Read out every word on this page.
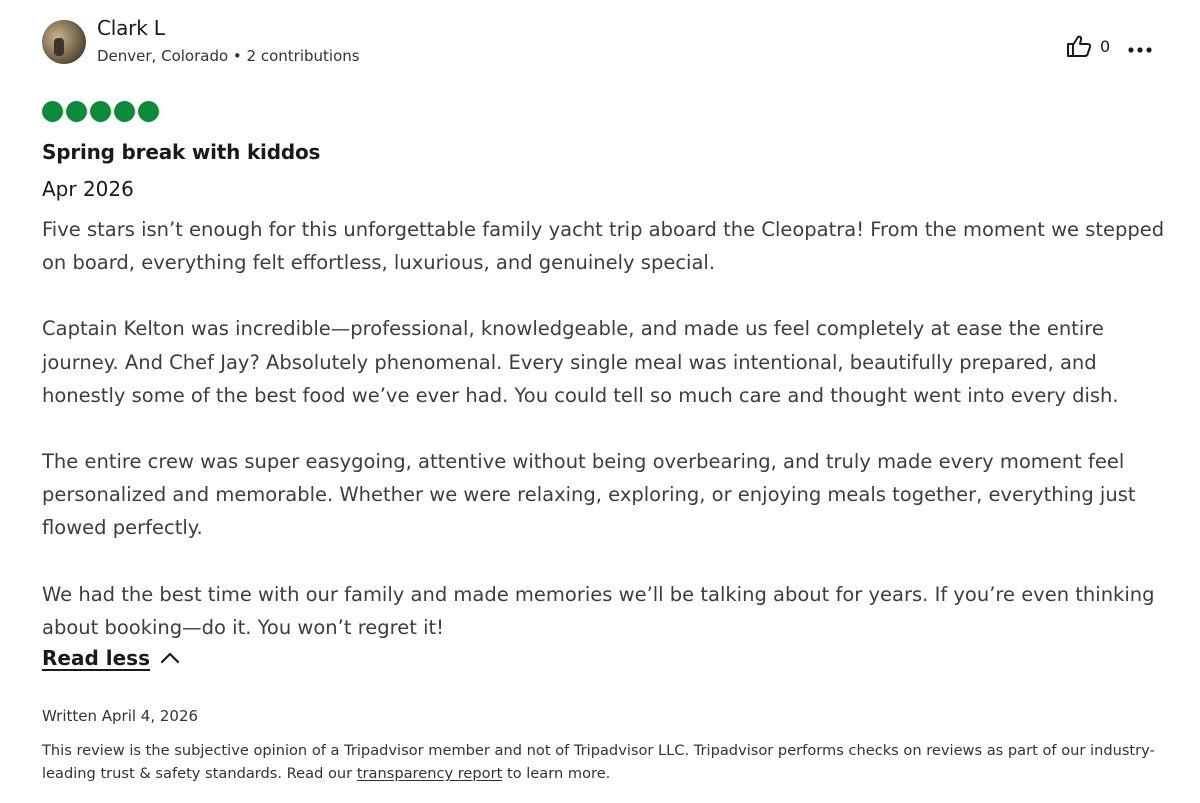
Clark L
Denver, Colorado • 2 contributions
0
Spring break with kiddos
Apr 2026

Five stars isn’t enough for this unforgettable family yacht trip aboard the Cleopatra! From the moment we stepped on board, everything felt effortless, luxurious, and genuinely special.

Captain Kelton was incredible—professional, knowledgeable, and made us feel completely at ease the entire journey. And Chef Jay? Absolutely phenomenal. Every single meal was intentional, beautifully prepared, and honestly some of the best food we’ve ever had. You could tell so much care and thought went into every dish.

The entire crew was super easygoing, attentive without being overbearing, and truly made every moment feel personalized and memorable. Whether we were relaxing, exploring, or enjoying meals together, everything just flowed perfectly.

We had the best time with our family and made memories we’ll be talking about for years. If you’re even thinking about booking—do it. You won’t regret it!

Read less
Written April 4, 2026
This review is the subjective opinion of a Tripadvisor member and not of Tripadvisor LLC. Tripadvisor performs checks on reviews as part of our industry-leading trust & safety standards. Read our transparency report to learn more.
